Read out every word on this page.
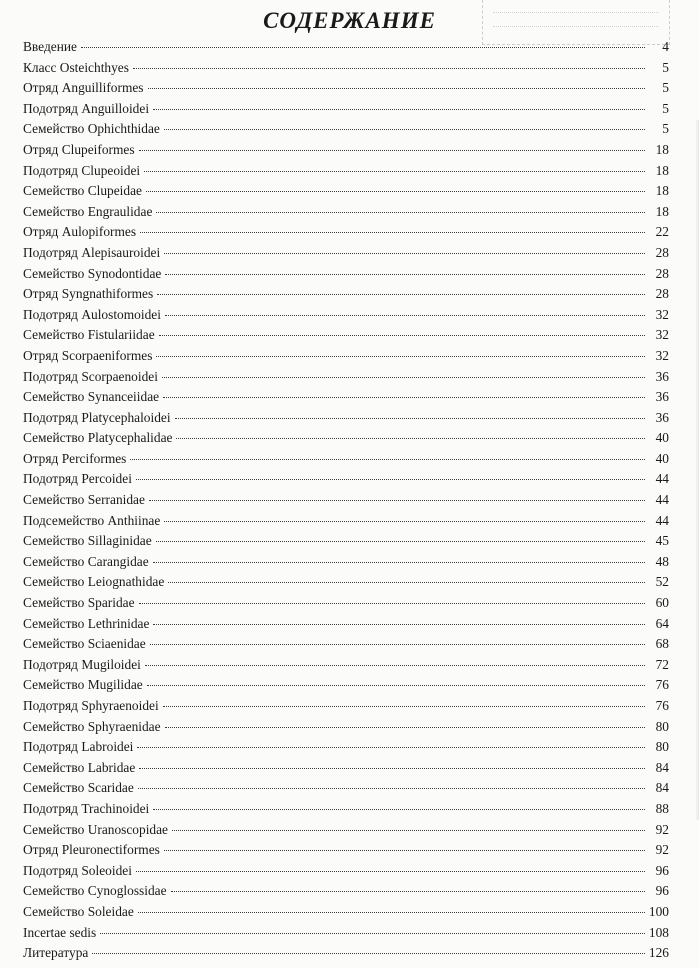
СОДЕРЖАНИЕ
Введение	4
Класс Osteichthyes	5
Отряд Anguilliformes	5
Подотряд Anguilloidei	5
Семейство Ophichthidae	5
Отряд Clupeiformes	18
Подотряд Clupeoidei	18
Семейство Clupeidae	18
Семейство Engraulidae	18
Отряд Aulopiformes	22
Подотряд Alepisauroidei	28
Семейство Synodontidae	28
Отряд Syngnathiformes	28
Подотряд Aulostomoidei	32
Семейство Fistulariidae	32
Отряд Scorpaeniformes	32
Подотряд Scorpaenoidei	36
Семейство Synanceiidae	36
Подотряд Platycephaloidei	36
Семейство Platycephalidae	40
Отряд Perciformes	40
Подотряд Percoidei	44
Семейство Serranidae	44
Подсемейство Anthiinae	44
Семейство Sillaginidae	45
Семейство Carangidae	48
Семейство Leiognathidae	52
Семейство Sparidae	60
Семейство Lethrinidae	64
Семейство Sciaenidae	68
Подотряд Mugiloidei	72
Семейство Mugilidae	76
Подотряд Sphyraenoidei	76
Семейство Sphyraenidae	80
Подотряд Labroidei	80
Семейство Labridae	84
Семейство Scaridae	84
Подотряд Trachinoidei	88
Семейство Uranoscopidae	92
Отряд Pleuronectiformes	92
Подотряд Soleoidei	96
Семейство Cynoglossidae	96
Семейство Soleidae	100
Incertae sedis	108
Литература	126
